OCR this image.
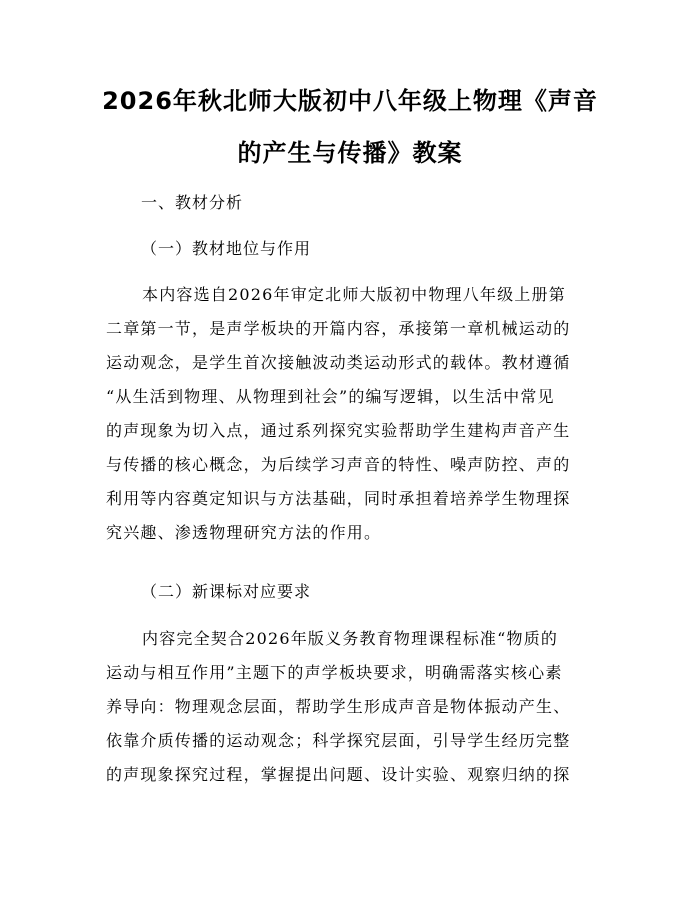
2026年秋北师大版初中八年级上物理《声音
的产生与传播》教案

一、教材分析

（一）教材地位与作用

本内容选自2026年审定北师大版初中物理八年级上册第
二章第一节，是声学板块的开篇内容，承接第一章机械运动的
运动观念，是学生首次接触波动类运动形式的载体。教材遵循
“从生活到物理、从物理到社会”的编写逻辑，以生活中常见
的声现象为切入点，通过系列探究实验帮助学生建构声音产生
与传播的核心概念，为后续学习声音的特性、噪声防控、声的
利用等内容奠定知识与方法基础，同时承担着培养学生物理探
究兴趣、渗透物理研究方法的作用。

（二）新课标对应要求

内容完全契合2026年版义务教育物理课程标准“物质的
运动与相互作用”主题下的声学板块要求，明确需落实核心素
养导向：物理观念层面，帮助学生形成声音是物体振动产生、
依靠介质传播的运动观念；科学探究层面，引导学生经历完整
的声现象探究过程，掌握提出问题、设计实验、观察归纳的探
